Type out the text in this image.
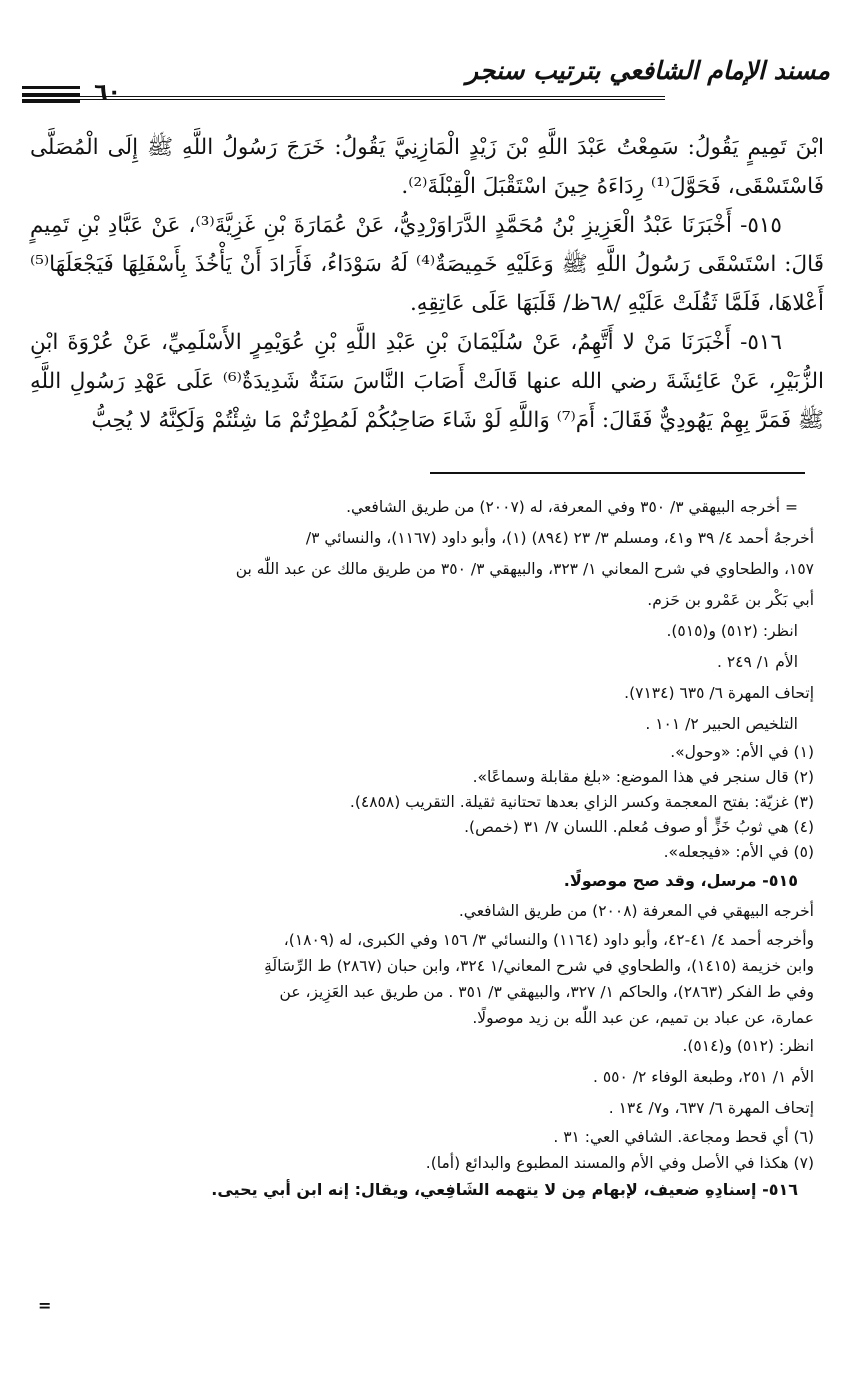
مسند الإمام الشافعي بترتيب سنجر
٦٠

ابْنَ تَمِيمٍ يَقُولُ: سَمِعْتُ عَبْدَ اللَّهِ بْنَ زَيْدٍ الْمَازِنِيَّ يَقُولُ: خَرَجَ رَسُولُ اللَّهِ ﷺ إِلَى الْمُصَلَّى فَاسْتَسْقَى، فَحَوَّلَ⁽¹⁾ رِدَاءَهُ حِينَ اسْتَقْبَلَ الْقِبْلَةَ⁽²⁾.

٥١٥- أَخْبَرَنَا عَبْدُ الْعَزِيزِ بْنُ مُحَمَّدٍ الدَّرَاوَرْدِيُّ، عَنْ عُمَارَةَ بْنِ غَزِيَّةَ⁽³⁾، عَنْ عَبَّادِ بْنِ تَمِيمٍ قَالَ: اسْتَسْقَى رَسُولُ اللَّهِ ﷺ وَعَلَيْهِ خَمِيصَةٌ⁽⁴⁾ لَهُ سَوْدَاءُ، فَأَرَادَ أَنْ يَأْخُذَ بِأَسْفَلِهَا فَيَجْعَلَهَا⁽⁵⁾ أَعْلاهَا، فَلَمَّا ثَقُلَتْ عَلَيْهِ /٦٨ظ/ قَلَبَهَا عَلَى عَاتِقِهِ.

٥١٦- أَخْبَرَنَا مَنْ لا أَتَّهِمُ، عَنْ سُلَيْمَانَ بْنِ عَبْدِ اللَّهِ بْنِ عُوَيْمِرٍ الأَسْلَمِيِّ، عَنْ عُرْوَةَ ابْنِ الزُّبَيْرِ، عَنْ عَائِشَةَ رضي الله عنها قَالَتْ أَصَابَ النَّاسَ سَنَةٌ شَدِيدَةٌ⁽⁶⁾ عَلَى عَهْدِ رَسُولِ اللَّهِ ﷺ فَمَرَّ بِهِمْ يَهُودِيٌّ فَقَالَ: أَمَ⁽⁷⁾ وَاللَّهِ لَوْ شَاءَ صَاحِبُكُمْ لَمُطِرْتُمْ مَا شِئْتُمْ وَلَكِنَّهُ لا يُحِبُّ

= أخرجه البيهقي ٣/ ٣٥٠ وفي المعرفة، له (٢٠٠٧) من طريق الشافعي.

أخرجهُ أحمد ٤/ ٣٩ و٤١، ومسلم ٣/ ٢٣ (٨٩٤) (١)، وأبو داود (١١٦٧)، والنسائي ٣/

١٥٧، والطحاوي في شرح المعاني ١/ ٣٢٣، والبيهقي ٣/ ٣٥٠ من طريق مالك عن عبد اللّٰه بن

أبي بَكْر بن عَمْرو بن حَزم.

انظر: (٥١٢) و(٥١٥).

الأم ١/ ٢٤٩ .

إتحاف المهرة ٦/ ٦٣٥ (٧١٣٤).

التلخيص الحبير ٢/ ١٠١ .

(١) في الأم: «وحول».

(٢) قال سنجر في هذا الموضع: «بلغ مقابلة وسماعًا».

(٣) غزيّة: بفتح المعجمة وكسر الزاي بعدها تحتانية ثقيلة. التقريب (٤٨٥٨).

(٤) هي ثوبُ خَزٍّ أو صوف مُعلم. اللسان ٧/ ٣١ (خمص).

(٥) في الأم: «فيجعله».

٥١٥- مرسل، وقد صح موصولًا.

أخرجه البيهقي في المعرفة (٢٠٠٨) من طريق الشافعي.

وأخرجه أحمد ٤/ ٤١-٤٢، وأبو داود (١١٦٤) والنسائي ٣/ ١٥٦ وفي الكبرى، له (١٨٠٩)،

وابن خزيمة (١٤١٥)، والطحاوي في شرح المعاني/١ ٣٢٤، وابن حبان (٢٨٦٧) ط الرِّسَالَةِ

وفي ط الفكر (٢٨٦٣)، والحاكم ١/ ٣٢٧، والبيهقي ٣/ ٣٥١ . من طريق عبد العَزِيز، عن

عمارة، عن عباد بن تميم، عن عبد اللّٰه بن زيد موصولًا.

انظر: (٥١٢) و(٥١٤).

الأم ١/ ٢٥١، وطبعة الوفاء ٢/ ٥٥٠ .

إتحاف المهرة ٦/ ٦٣٧، و٧/ ١٣٤ .

(٦) أي قحط ومجاعة. الشافي العي: ٣١ .

(٧) هكذا في الأصل وفي الأم والمسند المطبوع والبدائع (أما).

٥١٦- إسنادِهِ ضعيف، لإبهام مِن لا يتهمه الشَافِعي، ويقال: إنه ابن أبي يحيى.

=
